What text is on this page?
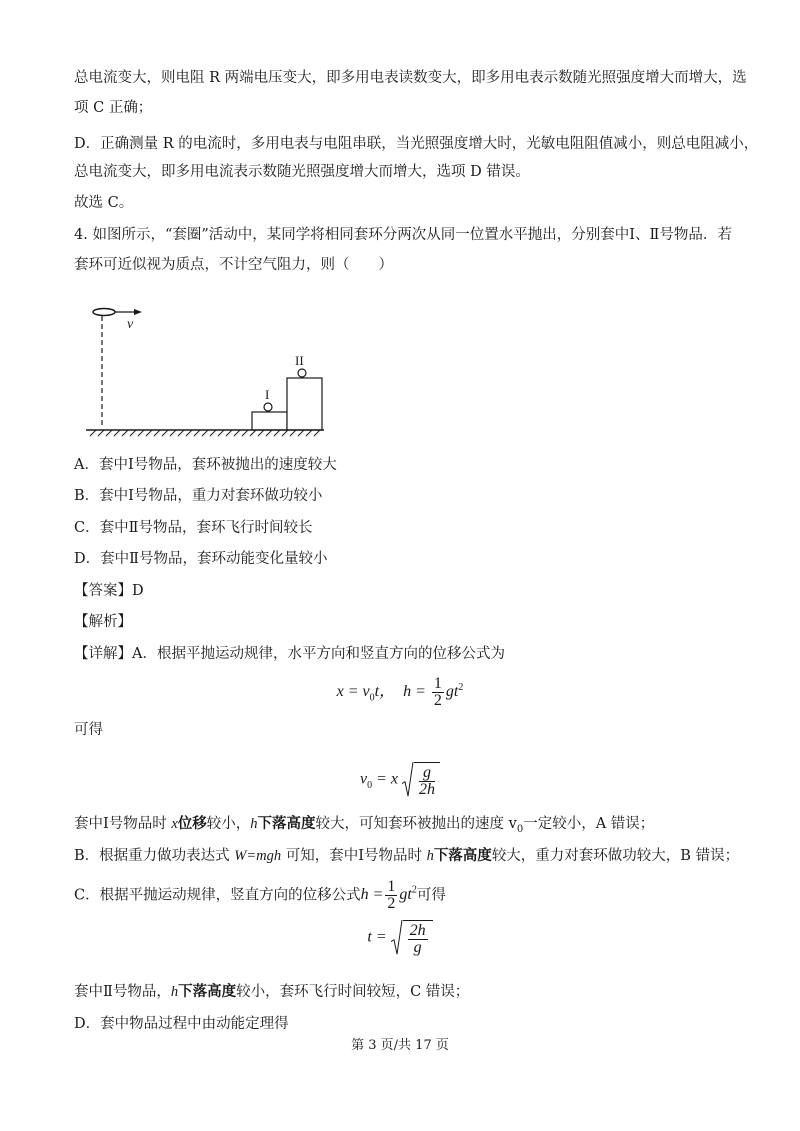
总电流变大，则电阻 R 两端电压变大，即多用电表读数变大，即多用电表示数随光照强度增大而增大，选
项 C 正确；
D．正确测量 R 的电流时，多用电表与电阻串联，当光照强度增大时，光敏电阻阻值减小，则总电阻减小，
总电流变大，即多用电流表示数随光照强度增大而增大，选项 D 错误。
故选 C。
4. 如图所示，“套圈”活动中，某同学将相同套环分两次从同一位置水平抛出，分别套中Ⅰ、Ⅱ号物品．若
套环可近似视为质点，不计空气阻力，则（　　）
v
I
II
A．套中Ⅰ号物品，套环被抛出的速度较大
B．套中Ⅰ号物品，重力对套环做功较小
C．套中Ⅱ号物品，套环飞行时间较长
D．套中Ⅱ号物品，套环动能变化量较小
【答案】D
【解析】
【详解】A．根据平抛运动规律，水平方向和竖直方向的位移公式为
$x = v_0t$， $h = \frac{1}{2} gt^2$
可得
$v_0 = x \frac{g}{2h}$
套中Ⅰ号物品时 x位移较小，h下落高度较大，可知套环被抛出的速度 $v_0$一定较小，A 错误；
B．根据重力做功表达式 W=mgh 可知，套中Ⅰ号物品时 h下落高度较大，重力对套环做功较大，B 错误；
C．根据平抛运动规律，竖直方向的位移公式$h = \frac{1}{2} gt^2$可得
$t = \frac{2h}{g}$
套中Ⅱ号物品，h下落高度较小，套环飞行时间较短，C 错误；
D．套中物品过程中由动能定理得
第 3 页/共 17 页
